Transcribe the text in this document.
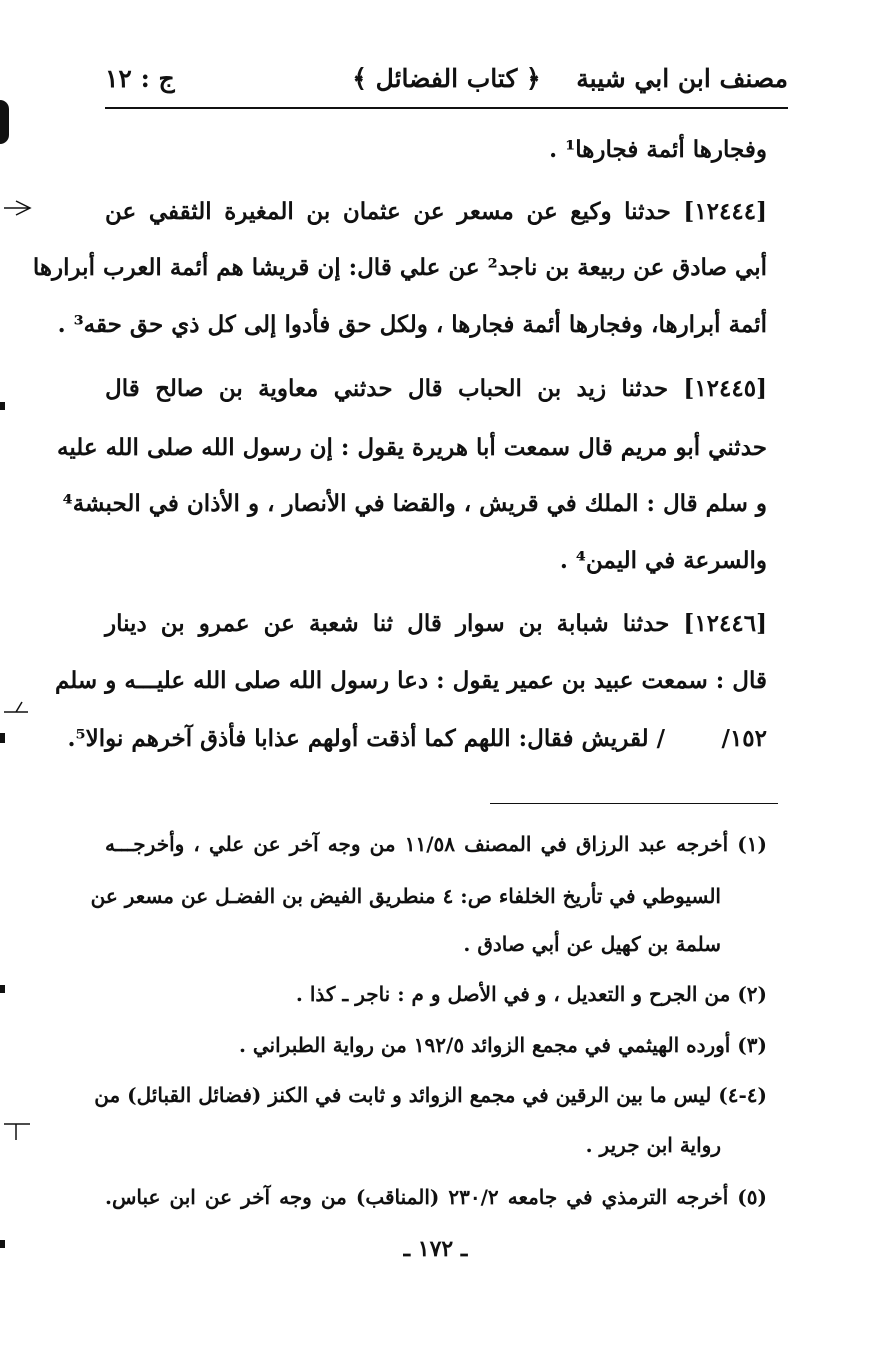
مصنف ابن ابي شيبة
﴿ كتاب الفضائل ﴾
ج : ١٢
وفجارها أئمة فجارها¹ .
[١٢٤٤٤] حدثنا وكيع عن مسعر عن عثمان بن المغيرة الثقفي عن
أبي صادق عن ربيعة بن ناجد² عن علي قال: إن قريشا هم أئمة العرب أبرارها
أئمة أبرارها، وفجارها أئمة فجارها ، ولكل حق فأدوا إلى كل ذي حق حقه³ .
[١٢٤٤٥] حدثنا زيد بن الحباب قال حدثني معاوية بن صالح قال
حدثني أبو مريم قال سمعت أبا هريرة يقول : إن رسول الله صلى الله عليه
و سلم قال : الملك في قريش ، والقضا في الأنصار ، و الأذان في الحبشة⁴
والسرعة في اليمن⁴ .
[١٢٤٤٦] حدثنا شبابة بن سوار قال ثنا شعبة عن عمرو بن دينار
قال : سمعت عبيد بن عمير يقول : دعا رسول الله صلى الله عليـــه و سلم
/ لقريش فقال: اللهم كما أذقت أولهم عذابا فأذق آخرهم نوالا⁵.	١٥٢/
(١) أخرجه عبد الرزاق في المصنف ١١/٥٨ من وجه آخر عن علي ، وأخرجـــه
السيوطي في تأريخ الخلفاء ص: ٤ منطريق الفيض بن الفضـل عن مسعر عن
سلمة بن كهيل عن أبي صادق .
(٢) من الجرح و التعديل ، و في الأصل و م : ناجر ـ كذا .
(٣) أورده الهيثمي في مجمع الزوائد ١٩٢/٥ من رواية الطبراني .
(٤-٤) ليس ما بين الرقين في مجمع الزوائد و ثابت في الكنز (فضائل القبائل) من
رواية ابن جرير .
(٥) أخرجه الترمذي في جامعه ٢٣٠/٢ (المناقب) من وجه آخر عن ابن عباس.
ـ ١٧٢ ـ
